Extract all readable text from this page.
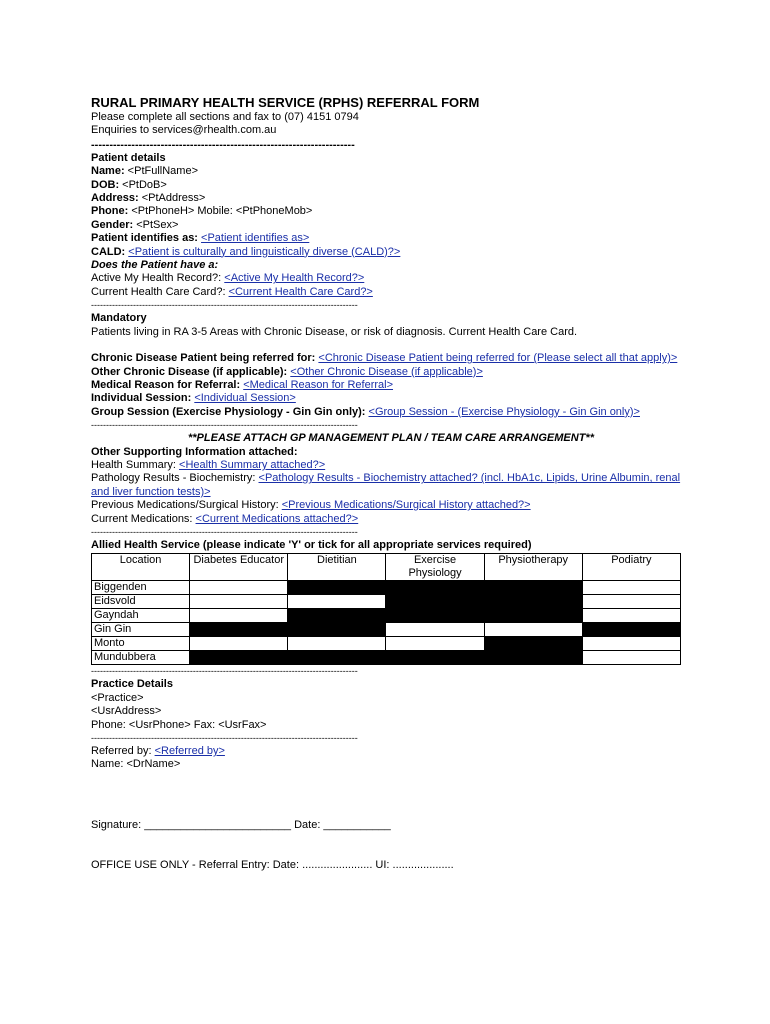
RURAL PRIMARY HEALTH SERVICE (RPHS) REFERRAL FORM
Please complete all sections and fax to (07) 4151 0794
Enquiries to services@rhealth.com.au
------------------------------------------------------------------------
Patient details
Name: <PtFullName>
DOB: <PtDoB>
Address: <PtAddress>
Phone: <PtPhoneH> Mobile: <PtPhoneMob>
Gender: <PtSex>
Patient identifies as: <Patient identifies as>
CALD: <Patient is culturally and linguistically diverse (CALD)?>
Does the Patient have a:
Active My Health Record?: <Active My Health Record?>
Current Health Care Card?: <Current Health Care Card?>
-----------------------------------------------------------------------------------------
Mandatory
Patients living in RA 3-5 Areas with Chronic Disease, or risk of diagnosis. Current Health Care Card.
Chronic Disease Patient being referred for: <Chronic Disease Patient being referred for (Please select all that apply)>
Other Chronic Disease (if applicable): <Other Chronic Disease (if applicable)>
Medical Reason for Referral: <Medical Reason for Referral>
Individual Session: <Individual Session>
Group Session (Exercise Physiology - Gin Gin only): <Group Session - (Exercise Physiology - Gin Gin only)>
-----------------------------------------------------------------------------------------
**PLEASE ATTACH GP MANAGEMENT PLAN / TEAM CARE ARRANGEMENT**
Other Supporting Information attached:
Health Summary: <Health Summary attached?>
Pathology Results - Biochemistry: <Pathology Results - Biochemistry attached? (incl. HbA1c, Lipids, Urine Albumin, renal and liver function tests)>
Previous Medications/Surgical History: <Previous Medications/Surgical History attached?>
Current Medications: <Current Medications attached?>
-----------------------------------------------------------------------------------------
Allied Health Service (please indicate 'Y' or tick for all appropriate services required)
Location	Diabetes Educator	Dietitian	Exercise Physiology	Physiotherapy	Podiatry
Biggenden					
Eidsvold					
Gayndah					
Gin Gin					
Monto					
Mundubbera					
-----------------------------------------------------------------------------------------
Practice Details
<Practice>
<UsrAddress>
Phone: <UsrPhone> Fax: <UsrFax>
-----------------------------------------------------------------------------------------
Referred by: <Referred by>
Name: <DrName>
Signature: ________________________ Date: ___________
OFFICE USE ONLY - Referral Entry: Date: ....................... UI: ....................
